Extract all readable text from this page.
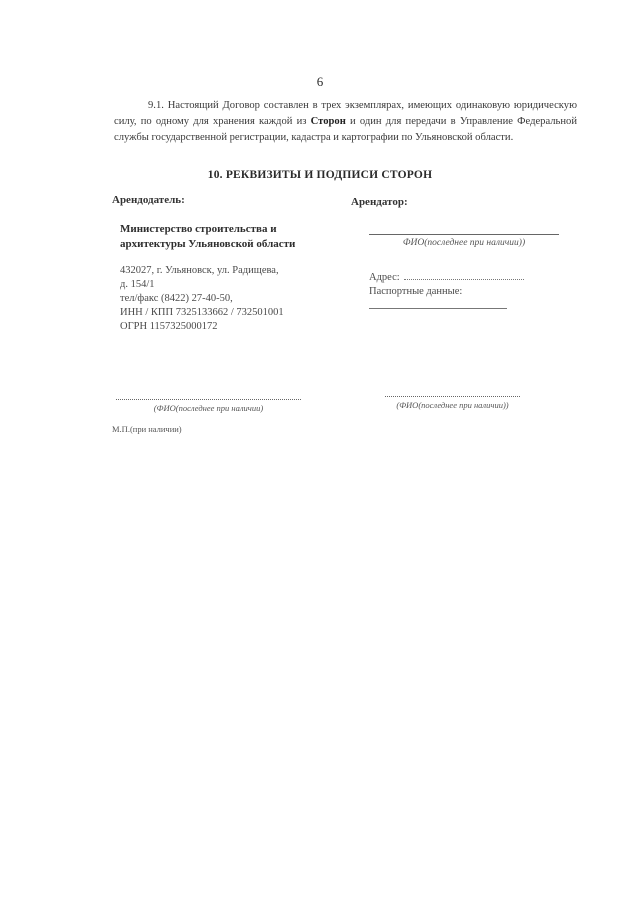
6

9.1. Настоящий Договор составлен в трех экземплярах, имеющих одинаковую юридическую силу, по одному для хранения каждой из Сторон и один для передачи в Управление Федеральной службы государственной регистрации, кадастра и картографии по Ульяновской области.

10. РЕКВИЗИТЫ И ПОДПИСИ СТОРОН
Арендодатель:
Министерство строительства и
архитектуры Ульяновской области
432027, г. Ульяновск, ул. Радищева,
д. 154/1
тел/факс (8422) 27-40-50,
ИНН / КПП 7325133662 / 732501001
ОГРН 1157325000172
Арендатор:
ФИО(последнее при наличии))
Адрес:
Паспортные данные:
(ФИО(последнее при наличии)	(ФИО(последнее при наличии))
М.П.(при наличии)
